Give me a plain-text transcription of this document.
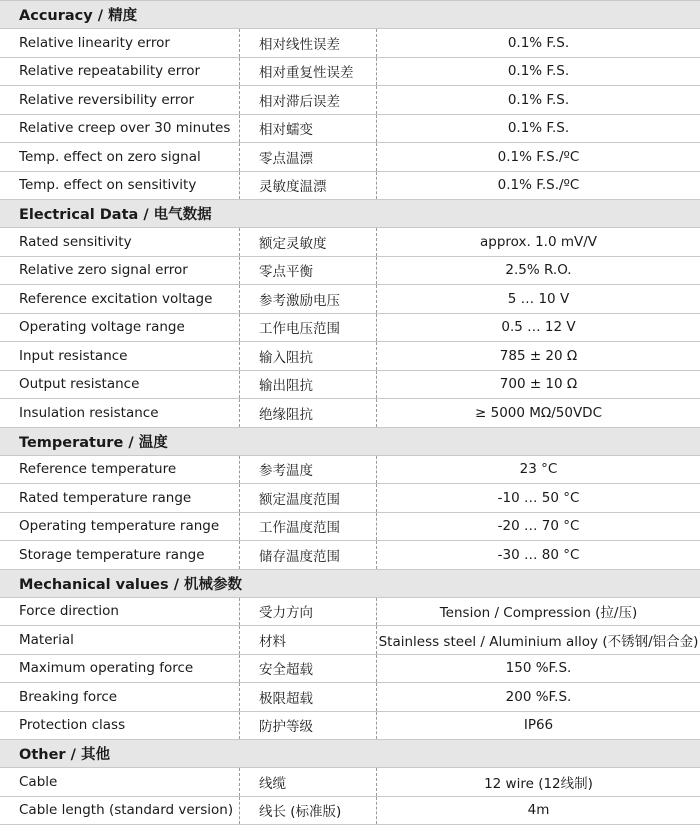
Accuracy / 精度
Relative linearity error	相对线性误差	0.1% F.S.
Relative repeatability error	相对重复性误差	0.1% F.S.
Relative reversibility error	相对滞后误差	0.1% F.S.
Relative creep over 30 minutes	相对蠕变	0.1% F.S.
Temp. effect on zero signal	零点温漂	0.1% F.S./ºC
Temp. effect on sensitivity	灵敏度温漂	0.1% F.S./ºC
Electrical Data / 电气数据
Rated sensitivity	额定灵敏度	approx. 1.0 mV/V
Relative zero signal error	零点平衡	2.5% R.O.
Reference excitation voltage	参考激励电压	5 … 10 V
Operating voltage range	工作电压范围	0.5 … 12 V
Input resistance	输入阻抗	785 ± 20 Ω
Output resistance	输出阻抗	700 ± 10 Ω
Insulation resistance	绝缘阻抗	≥ 5000 MΩ/50VDC
Temperature / 温度
Reference temperature	参考温度	23 °C
Rated temperature range	额定温度范围	-10 … 50 °C
Operating temperature range	工作温度范围	-20 … 70 °C
Storage temperature range	储存温度范围	-30 … 80 °C
Mechanical values / 机械参数
Force direction	受力方向	Tension / Compression (拉/压)
Material	材料	Stainless steel / Aluminium alloy (不锈钢/铝合金)
Maximum operating force	安全超载	150 %F.S.
Breaking force	极限超载	200 %F.S.
Protection class	防护等级	IP66
Other / 其他
Cable	线缆	12 wire (12线制)
Cable length (standard version)	线长 (标准版)	4m
